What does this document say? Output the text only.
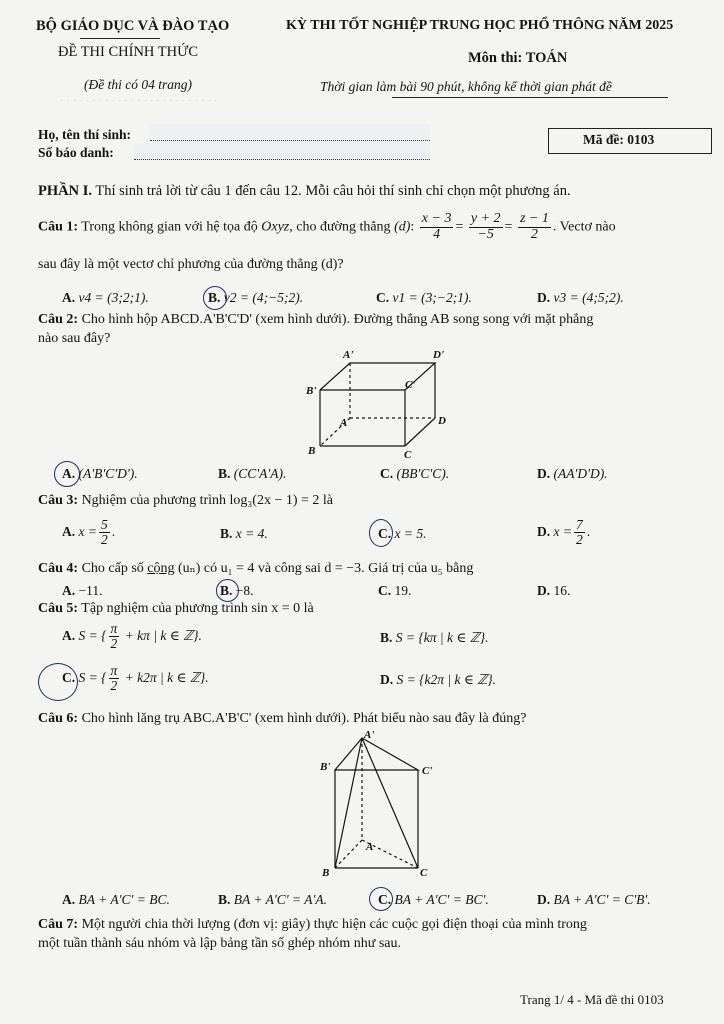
· · · · · · · · · · · · · · · · · · · · · · · · ·
BỘ GIÁO DỤC VÀ ĐÀO TẠO
ĐỀ THI CHÍNH THỨC
(Đề thi có 04 trang)
KỲ THI TỐT NGHIỆP TRUNG HỌC PHỔ THÔNG NĂM 2025
Môn thi: TOÁN
Thời gian làm bài 90 phút, không kể thời gian phát đề
Họ, tên thí sinh:
Số báo danh:
Mã đề: 0103
PHẦN I. Thí sinh trả lời từ câu 1 đến câu 12. Mỗi câu hỏi thí sinh chỉ chọn một phương án.
Câu 1: Trong không gian với hệ tọa độ Oxyz, cho đường thẳng (d): $\frac{x - 3}{4} = \frac{y + 2}{-5} = \frac{z - 1}{2}$ . Vectơ nào
sau đây là một vectơ chỉ phương của đường thẳng (d)?
A. v4 = (3;2;1).	B. v2 = (4;−5;2).	C. v1 = (3;−2;1).	D. v3 = (4;5;2).
Câu 2: Cho hình hộp ABCD.A'B'C'D' (xem hình dưới). Đường thẳng AB song song với mặt phẳng
nào sau đây?
A'	D'
B'	C'
A	D
B	C
A. (A'B'C'D').	B. (CC'A'A).	C. (BB'C'C).	D. (AA'D'D).
Câu 3: Nghiệm của phương trình log₃(2x − 1) = 2 là
A. $x = \frac{5}{2}$ .	B. x = 4.	C. x = 5.	D. $x = \frac{7}{2}$ .
Câu 4: Cho cấp số cộng (uₙ) có u₁ = 4 và công sai d = −3. Giá trị của u₅ bằng
A. −11.	B. −8.	C. 19.	D. 16.
Câu 5: Tập nghiệm của phương trình sin x = 0 là
A. S = { $\frac{\pi}{2} + k\pi$ | k ∈ ℤ}.	B. S = {kπ | k ∈ ℤ}.
C. S = { $\frac{\pi}{2} + k2\pi$ | k ∈ ℤ}.	D. S = {k2π | k ∈ ℤ}.
Câu 6: Cho hình lăng trụ ABC.A'B'C' (xem hình dưới). Phát biểu nào sau đây là đúng?
A'
B'	C'
A
B	C
A. BA + A'C' = BC.	B. BA + A'C' = A'A.	C. BA + A'C' = BC'.	D. BA + A'C' = C'B'.
Câu 7: Một người chia thời lượng (đơn vị: giây) thực hiện các cuộc gọi điện thoại của mình trong
một tuần thành sáu nhóm và lập bảng tần số ghép nhóm như sau.
Trang 1/ 4 - Mã đề thi 0103
